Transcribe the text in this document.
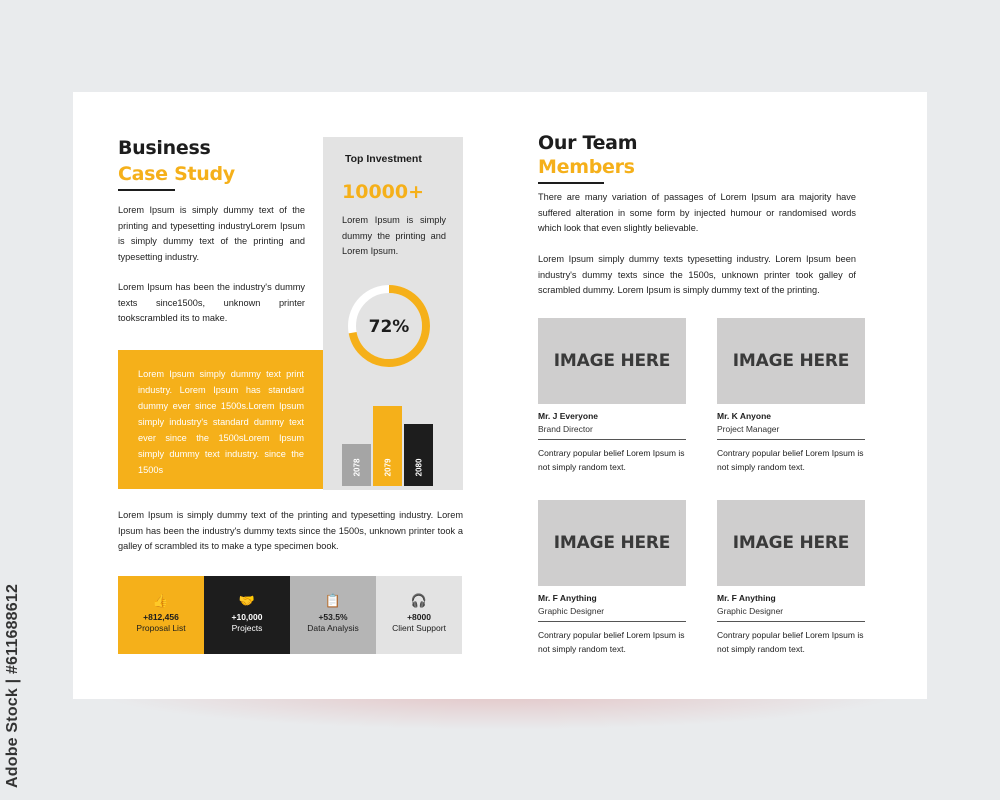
Business
Case Study
Lorem Ipsum is simply dummy text of the printing and typesetting industryLorem Ipsum is simply dummy text of the printing and typesetting industry.
Lorem Ipsum has been the industry's dummy texts since1500s, unknown printer tookscrambled its to make.
Top Investment
10000+
Lorem Ipsum is simply dummy the printing and Lorem Ipsum.
72%
2078	2079	2080
Lorem Ipsum simply dummy text print industry. Lorem Ipsum has standard dummy ever since 1500s.Lorem Ipsum simply industry's standard dummy text ever since the 1500sLorem Ipsum simply dummy text industry. since the 1500s
Lorem Ipsum is simply dummy text of the printing and typesetting industry. Lorem Ipsum has been the industry's dummy texts since the 1500s, unknown printer took a galley of scrambled its to make a type specimen book.
👍
+812,456
Proposal List
🤝
+10,000
Projects
📋
+53.5%
Data Analysis
🎧
+8000
Client Support
Our Team
Members
There are many variation of passages of Lorem Ipsum ara majority have suffered alteration in some form by injected humour or randomised words which look that even slightly believable.
Lorem Ipsum simply dummy texts typesetting industry. Lorem Ipsum been industry's dummy texts since the 1500s, unknown printer took galley of scrambled dummy. Lorem Ipsum is simply dummy text of the printing.
IMAGE HERE
Mr. J Everyone
Brand Director
Contrary popular belief Lorem Ipsum is not simply random text.
IMAGE HERE
Mr. K Anyone
Project Manager
Contrary popular belief Lorem Ipsum is not simply random text.
IMAGE HERE
Mr. F Anything
Graphic Designer
Contrary popular belief Lorem Ipsum is not simply random text.
IMAGE HERE
Mr. F Anything
Graphic Designer
Contrary popular belief Lorem Ipsum is not simply random text.
Adobe Stock | #611688612
